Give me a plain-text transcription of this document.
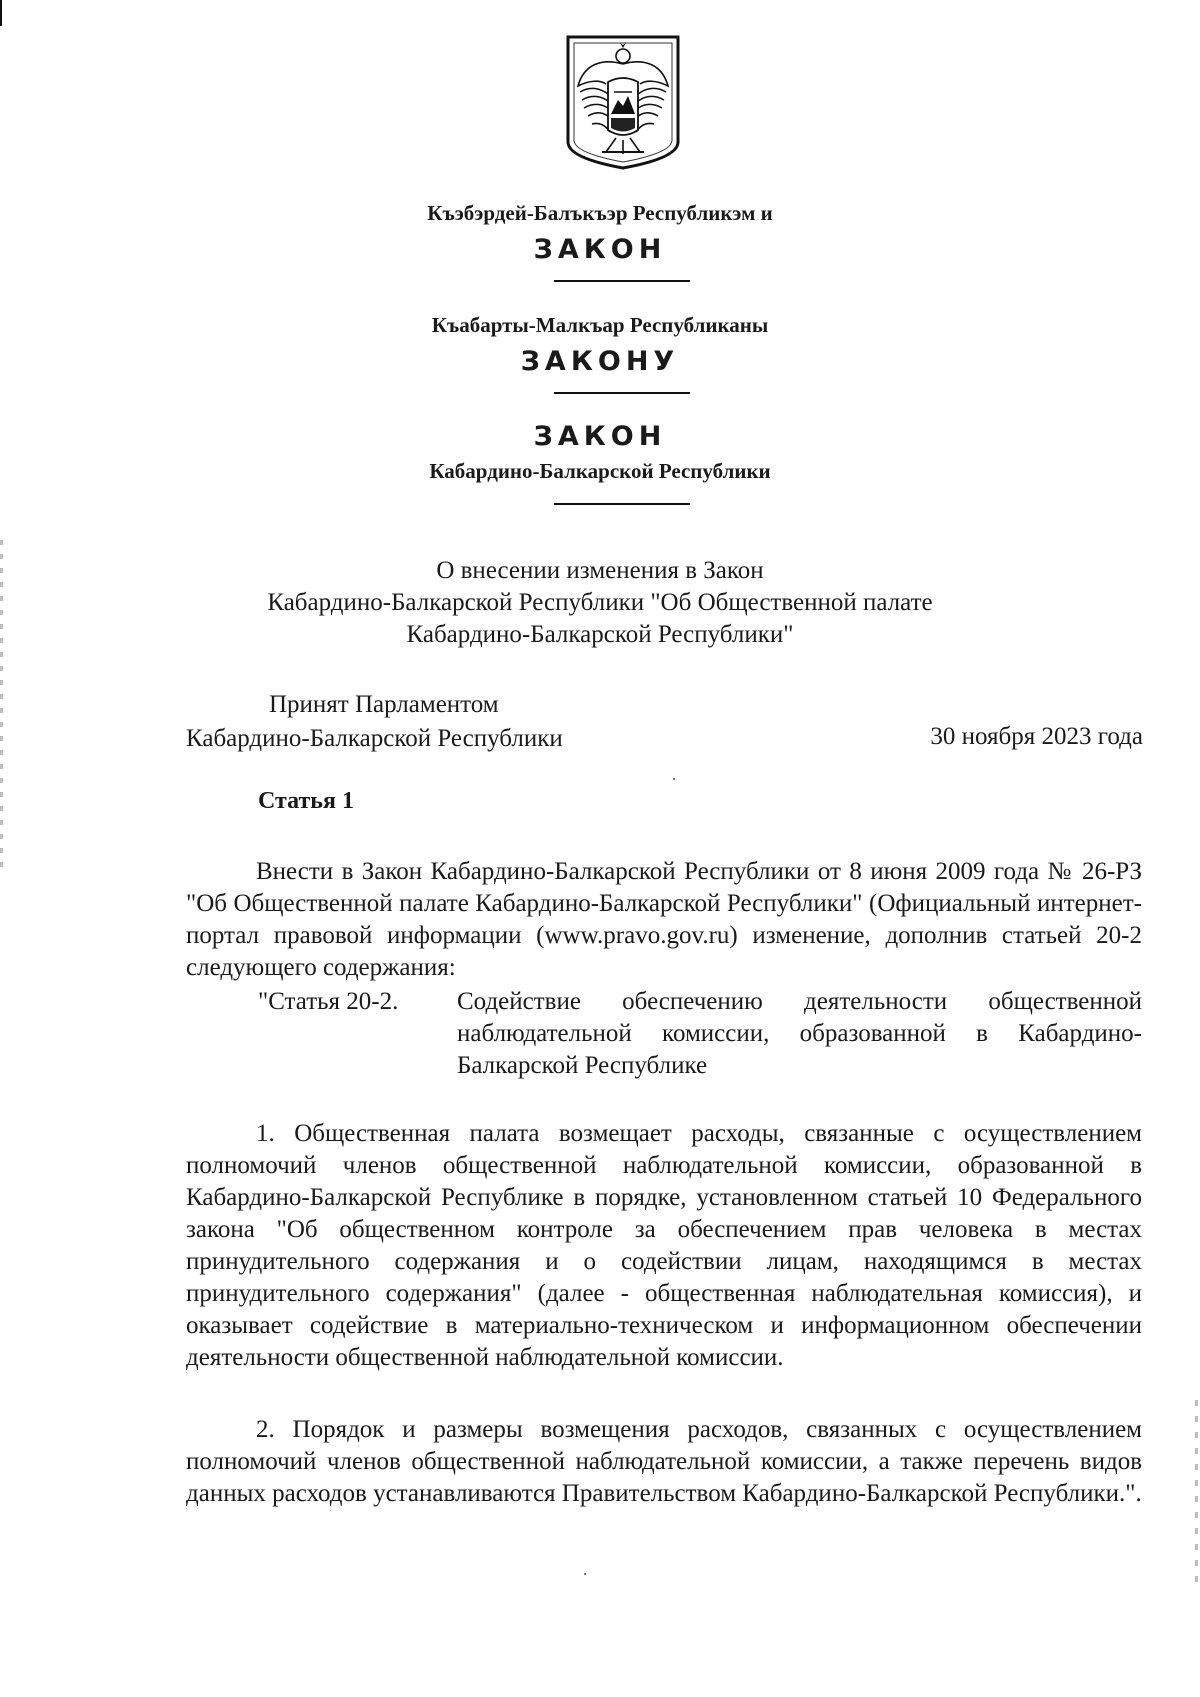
Къэбэрдей-Балъкъэр Республикэм и
ЗАКОН
Къабарты-Малкъар Республиканы
ЗАКОНУ
ЗАКОН
Кабардино-Балкарской Республики
О внесении изменения в Закон
Кабардино-Балкарской Республики "Об Общественной палате
Кабардино-Балкарской Республики"
Принят Парламентом
Кабардино-Балкарской Республики	30 ноября 2023 года
Статья 1
Внести в Закон Кабардино-Балкарской Республики от 8 июня 2009 года № 26-РЗ "Об Общественной палате Кабардино-Балкарской Республики" (Официальный интернет-портал правовой информации (www.pravo.gov.ru) изменение, дополнив статьей 20-2 следующего содержания:
"Статья 20-2. Содействие обеспечению деятельности общественной наблюдательной комиссии, образованной в Кабардино-Балкарской Республике
1. Общественная палата возмещает расходы, связанные с осуществлением полномочий членов общественной наблюдательной комиссии, образованной в Кабардино-Балкарской Республике в порядке, установленном статьей 10 Федерального закона "Об общественном контроле за обеспечением прав человека в местах принудительного содержания и о содействии лицам, находящимся в местах принудительного содержания" (далее - общественная наблюдательная комиссия), и оказывает содействие в материально-техническом и информационном обеспечении деятельности общественной наблюдательной комиссии.
2. Порядок и размеры возмещения расходов, связанных с осуществлением полномочий членов общественной наблюдательной комиссии, а также перечень видов данных расходов устанавливаются Правительством Кабардино-Балкарской Республики.".
